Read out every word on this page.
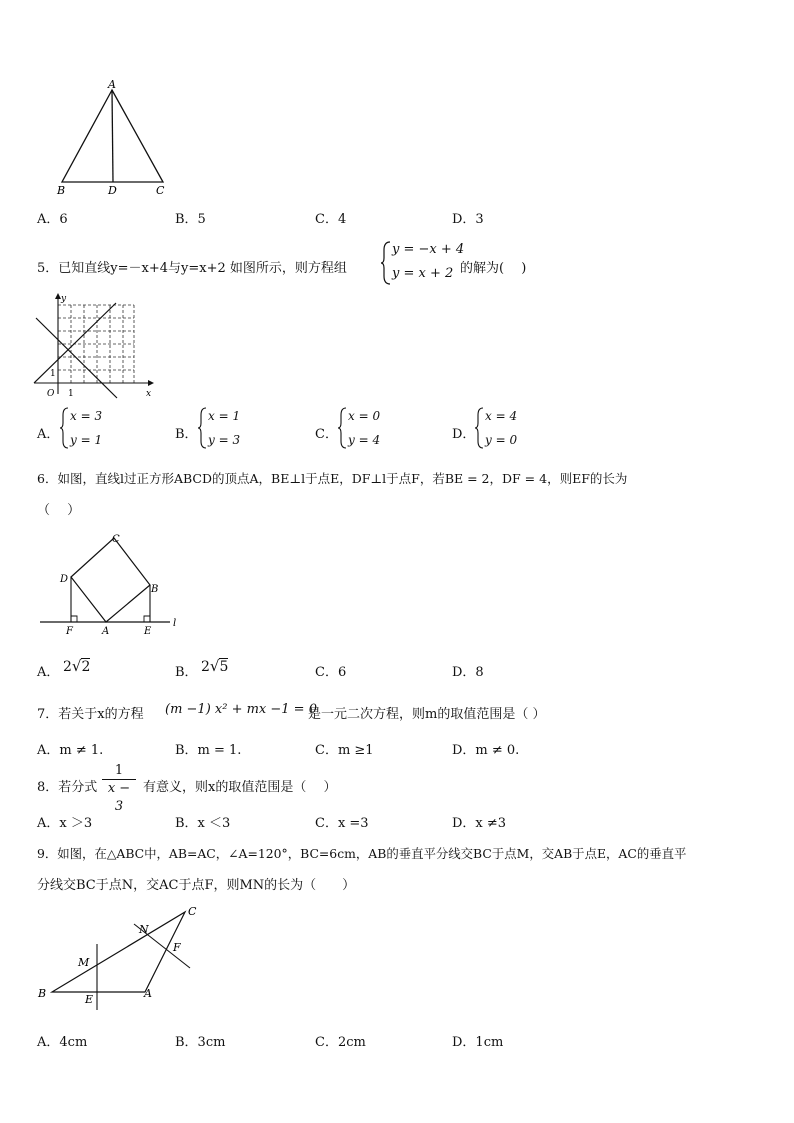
A
B	D	C
A．6	B．5	C．4	D．3
5．已知直线y=－x+4与y=x+2 如图所示，则方程组
y = −x + 4
y = x + 2 的解为(　 )
y
x
O 1
1
A．
x = 3
y = 1	B．
x = 1
y = 3	C．
x = 0
y = 4	D．
x = 4
y = 0
6．如图，直线l过正方形ABCD的顶点A，BE⊥l于点E，DF⊥l于点F，若BE = 2，DF = 4，则EF的长为
（　 ）
C
D
B
F	A	E
l
A． 2√2	B． 2√5	C．6	D．8
7．若关于x的方程 (m −1) x² + mx −1 = 0
是一元二次方程，则m的取值范围是（ ）
A．m ≠ 1.	B．m = 1.	C．m ≥1	D．m ≠ 0.
8．若分式 $\frac{1}{x - 3}$ 有意义，则x的取值范围是（　 ）
A．x ＞3	B．x ＜3	C．x =3	D．x ≠3
9．如图，在△ABC中，AB=AC，∠A=120°，BC=6cm，AB的垂直平分线交BC于点M，交AB于点E，AC的垂直平
分线交BC于点N，交AC于点F，则MN的长为（　　）
C
N
F
M
B	E	A
A．4cm	B．3cm	C．2cm	D．1cm
